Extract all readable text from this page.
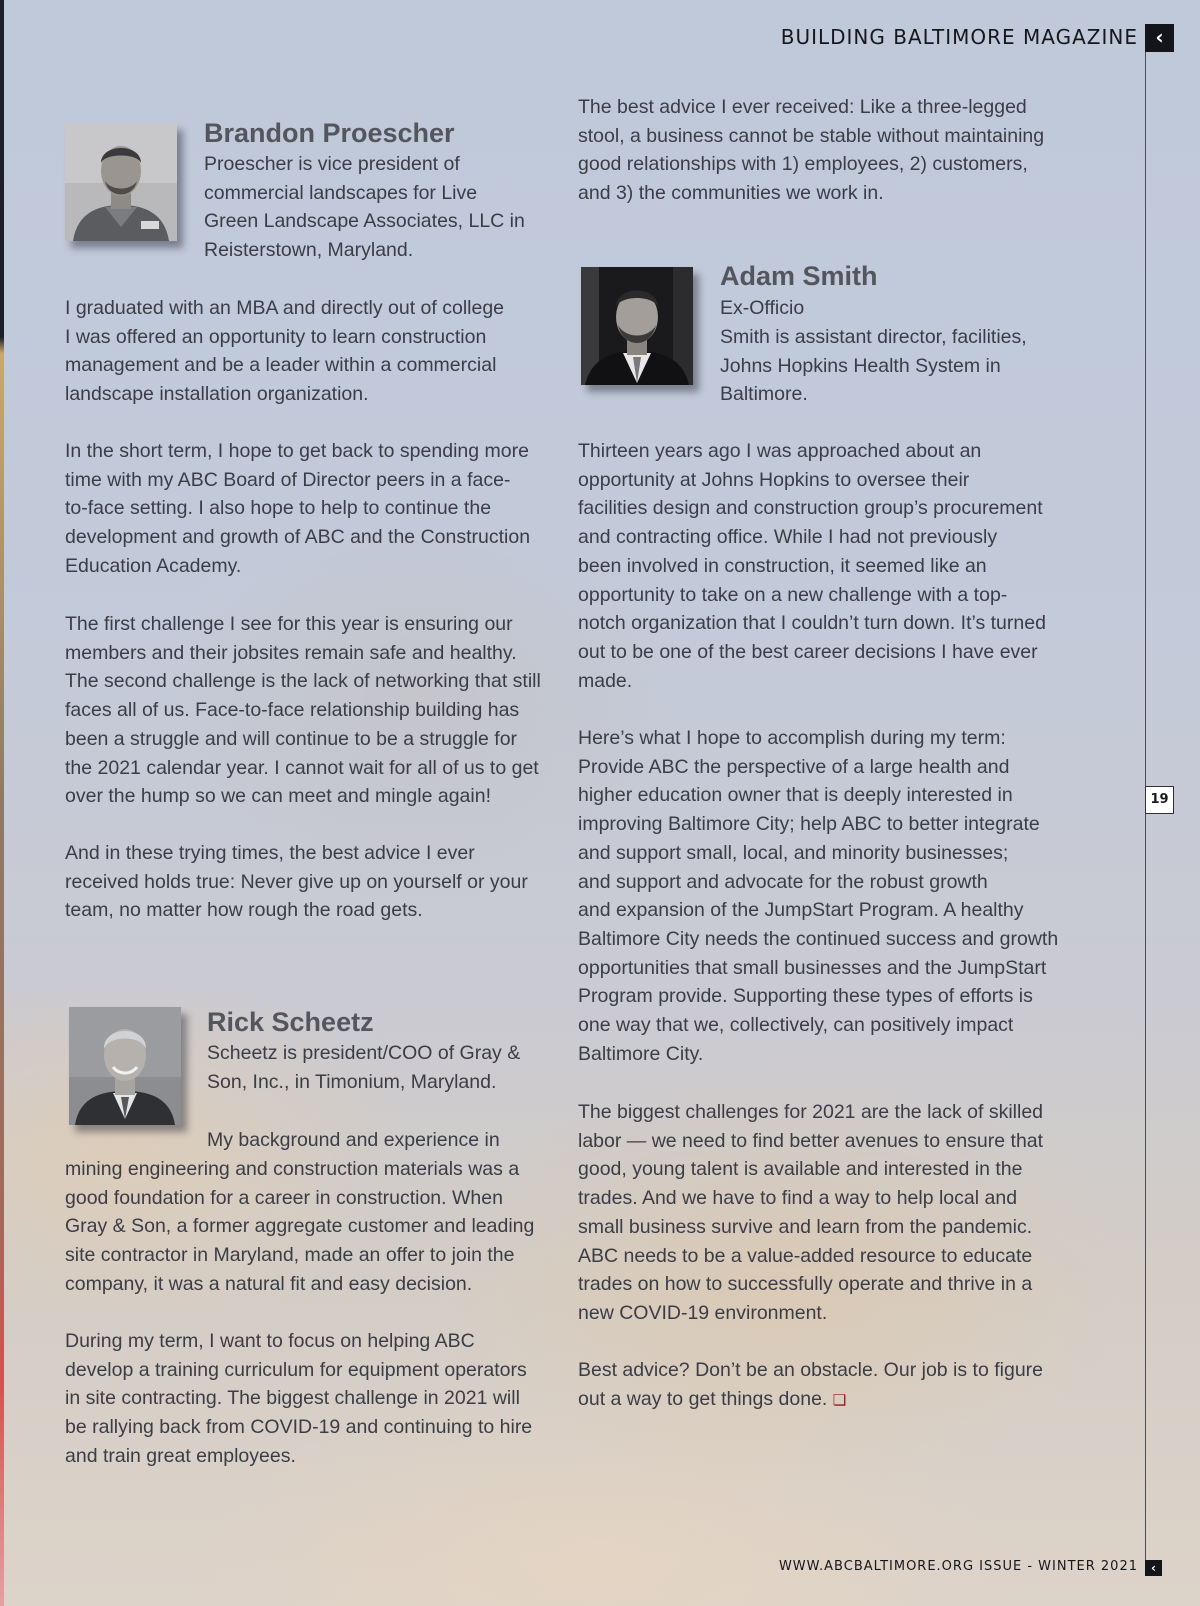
BUILDING BALTIMORE MAGAZINE ‹
19
Brandon Proescher

Proescher is vice president of
commercial landscapes for Live
Green Landscape Associates, LLC in
Reisterstown, Maryland.

I graduated with an MBA and directly out of college
I was offered an opportunity to learn construction
management and be a leader within a commercial
landscape installation organization.

In the short term, I hope to get back to spending more
time with my ABC Board of Director peers in a face-
to-face setting. I also hope to help to continue the
development and growth of ABC and the Construction
Education Academy.

The first challenge I see for this year is ensuring our
members and their jobsites remain safe and healthy.
The second challenge is the lack of networking that still
faces all of us. Face-to-face relationship building has
been a struggle and will continue to be a struggle for
the 2021 calendar year. I cannot wait for all of us to get
over the hump so we can meet and mingle again!

And in these trying times, the best advice I ever
received holds true: Never give up on yourself or your
team, no matter how rough the road gets.

Rick Scheetz

Scheetz is president/COO of Gray &
Son, Inc., in Timonium, Maryland.

My background and experience in

mining engineering and construction materials was a
good foundation for a career in construction. When
Gray & Son, a former aggregate customer and leading
site contractor in Maryland, made an offer to join the
company, it was a natural fit and easy decision.

During my term, I want to focus on helping ABC
develop a training curriculum for equipment operators
in site contracting. The biggest challenge in 2021 will
be rallying back from COVID-19 and continuing to hire
and train great employees.

The best advice I ever received: Like a three-legged
stool, a business cannot be stable without maintaining
good relationships with 1) employees, 2) customers,
and 3) the communities we work in.

Adam Smith

Ex-Officio

Smith is assistant director, facilities,
Johns Hopkins Health System in
Baltimore.

Thirteen years ago I was approached about an
opportunity at Johns Hopkins to oversee their
facilities design and construction group’s procurement
and contracting office. While I had not previously
been involved in construction, it seemed like an
opportunity to take on a new challenge with a top-
notch organization that I couldn’t turn down. It’s turned
out to be one of the best career decisions I have ever
made.

Here’s what I hope to accomplish during my term:
Provide ABC the perspective of a large health and
higher education owner that is deeply interested in
improving Baltimore City; help ABC to better integrate
and support small, local, and minority businesses;
and support and advocate for the robust growth
and expansion of the JumpStart Program. A healthy
Baltimore City needs the continued success and growth
opportunities that small businesses and the JumpStart
Program provide. Supporting these types of efforts is
one way that we, collectively, can positively impact
Baltimore City.

The biggest challenges for 2021 are the lack of skilled
labor — we need to find better avenues to ensure that
good, young talent is available and interested in the
trades. And we have to find a way to help local and
small business survive and learn from the pandemic.
ABC needs to be a value-added resource to educate
trades on how to successfully operate and thrive in a
new COVID-19 environment.

Best advice? Don’t be an obstacle. Our job is to figure
out a way to get things done. ❏

WWW.ABCBALTIMORE.ORG ISSUE - WINTER 2021	‹
